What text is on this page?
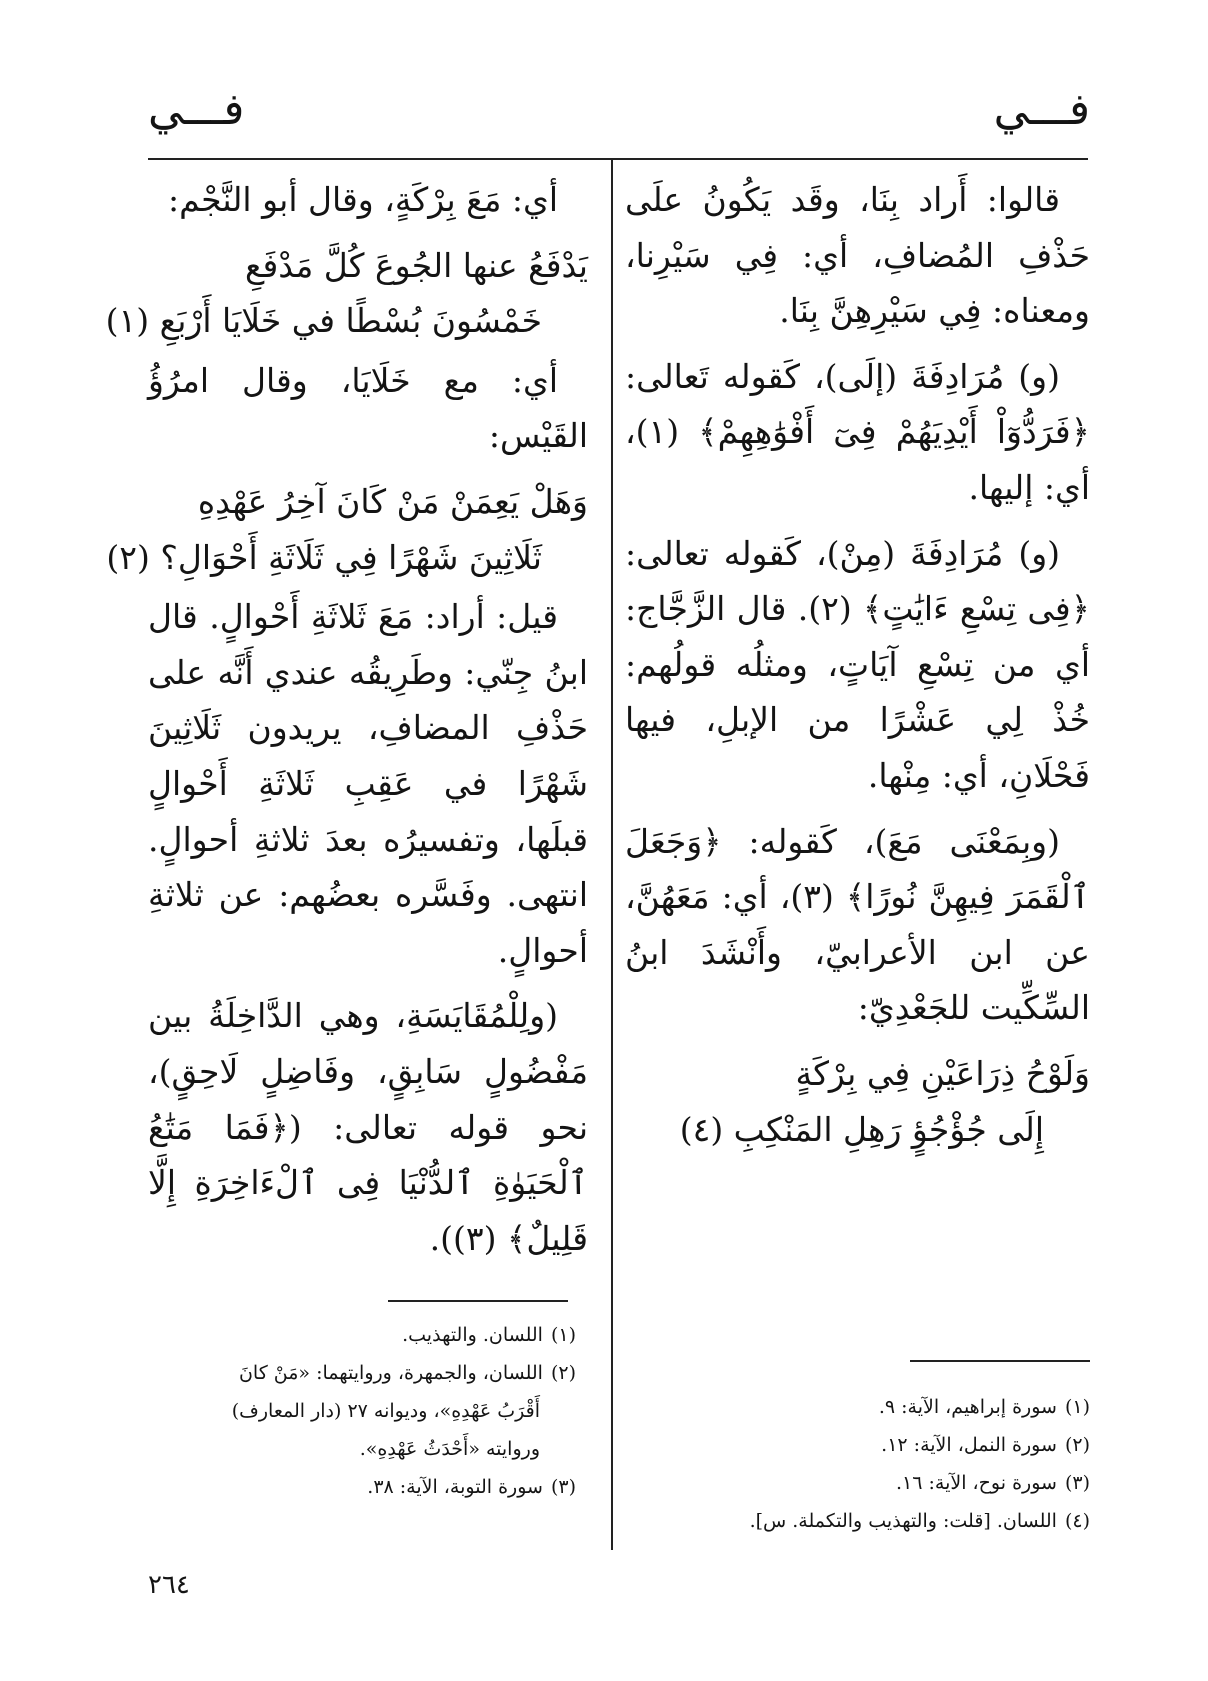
فـــي
فـــي

قالوا: أَراد بِنَا، وقَد يَكُونُ علَى حَذْفِ المُضافِ، أي: فِي سَيْرِنا، ومعناه: فِي سَيْرِهِنَّ بِنَا.

(و) مُرَادِفَةَ (إلَى)، كَقوله تَعالى: ﴿فَرَدُّوٓاْ أَيْدِيَهُمْ فِىٓ أَفْوَٰهِهِمْ﴾ (١)، أي: إليها.

(و) مُرَادِفَةَ (مِنْ)، كَقوله تعالى: ﴿فِى تِسْعِ ءَايَٰتٍ﴾ (٢). قال الزَّجَّاج: أي من تِسْعِ آيَاتٍ، ومثلُه قولُهم: خُذْ لِي عَشْرًا من الإبلِ، فيها فَحْلَانِ، أي: مِنْها.

(وبِمَعْنَى مَعَ)، كَقوله: ﴿وَجَعَلَ ٱلْقَمَرَ فِيهِنَّ نُورًا﴾ (٣)، أي: مَعَهُنَّ، عن ابن الأعرابيّ، وأَنْشَدَ ابنُ السِّكِّيت للجَعْدِيّ:

وَلَوْحُ ذِرَاعَيْنِ فِي بِرْكَةٍ
إِلَى جُؤْجُؤٍ رَهِلِ المَنْكِبِ (٤)

أي: مَعَ بِرْكَةٍ، وقال أبو النَّجْم:

يَدْفَعُ عنها الجُوعَ كُلَّ مَدْفَعِ
خَمْسُونَ بُسْطًا في خَلَايَا أَرْبَعِ (١)

أي: مع خَلَايَا، وقال امرُؤُ القَيْس:

وَهَلْ يَعِمَنْ مَنْ كَانَ آخِرُ عَهْدِهِ
ثَلَاثِينَ شَهْرًا فِي ثَلَاثَةِ أَحْوَالِ؟ (٢)

قيل: أراد: مَعَ ثَلاثَةِ أَحْوالٍ. قال ابنُ جِنّي: وطَرِيقُه عندي أَنَّه على حَذْفِ المضافِ، يريدون ثَلَاثِينَ شَهْرًا في عَقِبِ ثَلاثَةِ أَحْوالٍ قبلَها، وتفسيرُه بعدَ ثلاثةِ أحوالٍ. انتهى. وفَسَّره بعضُهم: عن ثلاثةِ أحوالٍ.

(ولِلْمُقَايَسَةِ، وهي الدَّاخِلَةُ بين مَفْضُولٍ سَابِقٍ، وفَاضِلٍ لَاحِقٍ)، نحو قوله تعالى: (﴿فَمَا مَتَٰعُ ٱلْحَيَوٰةِ ٱلدُّنْيَا فِى ٱلْءَاخِرَةِ إِلَّا قَلِيلٌ﴾ (٣)).

(١)سورة إبراهيم، الآية: ٩.

(٢)سورة النمل، الآية: ١٢.

(٣)سورة نوح، الآية: ١٦.

(٤)اللسان. [قلت: والتهذيب والتكملة. س].

(١)اللسان. والتهذيب.

(٢)اللسان، والجمهرة، وروايتهما: «مَنْ كانَ
أَقْرَبُ عَهْدِهِ»، وديوانه ٢٧ (دار المعارف)
وروايته «أَحْدَثُ عَهْدِهِ».

(٣)سورة التوبة، الآية: ٣٨.

٢٦٤
